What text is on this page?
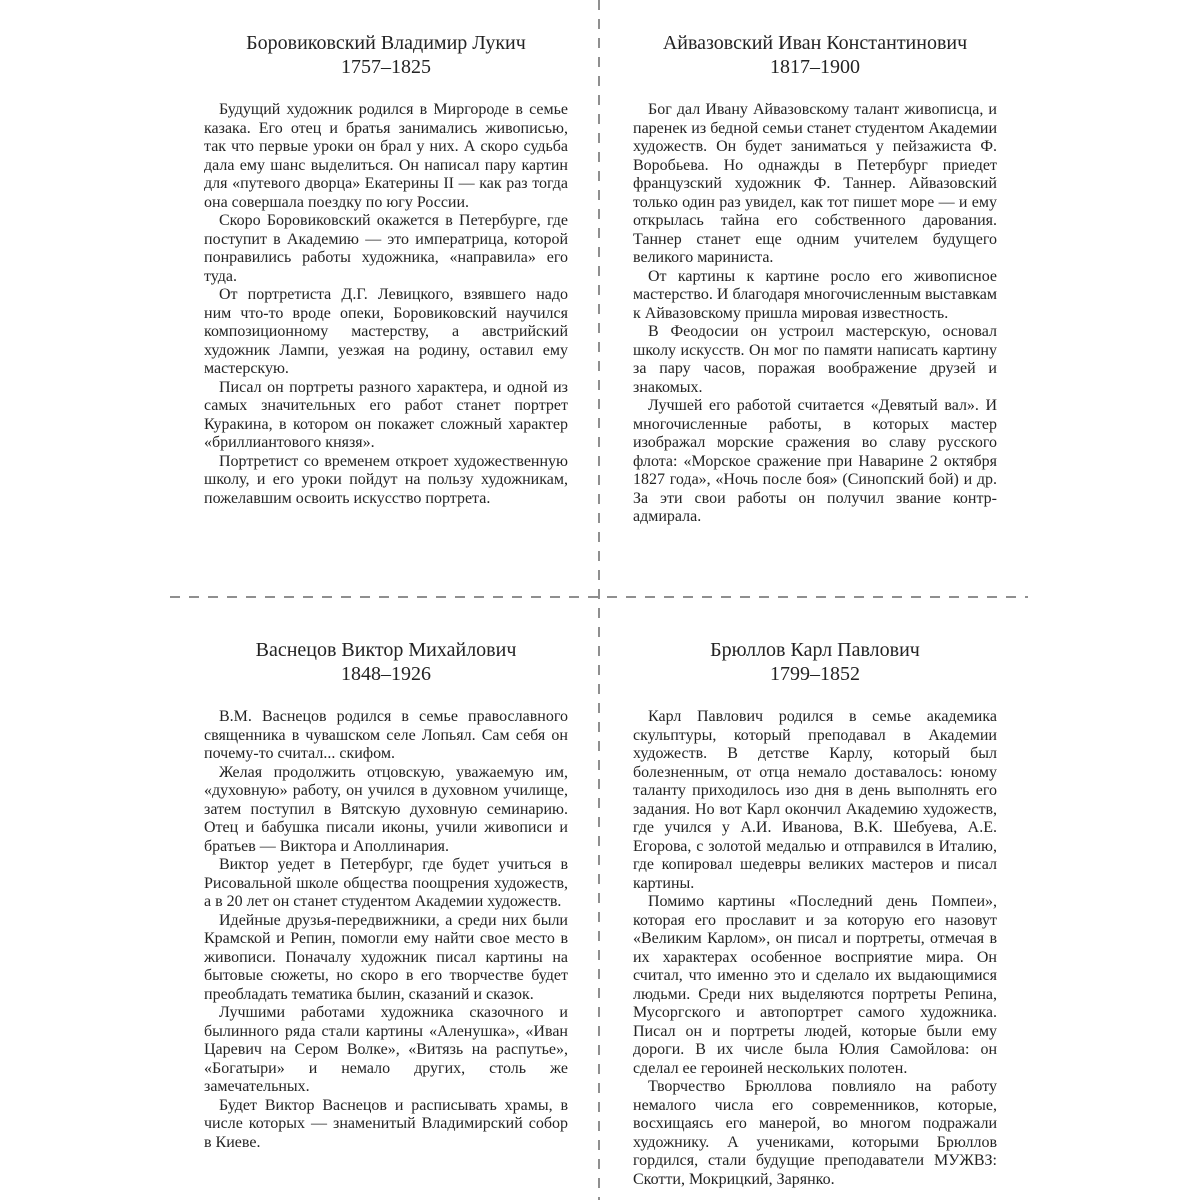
Боровиковский Владимир Лукич
1757–1825

Будущий художник родился в Миргороде в семье казака. Его отец и братья занимались живописью, так что первые уроки он брал у них. А скоро судьба дала ему шанс выделиться. Он написал пару картин для «путевого дворца» Екатерины II — как раз тогда она совершала поездку по югу России.

Скоро Боровиковский окажется в Петербурге, где поступит в Академию — это императрица, которой понравились работы художника, «направила» его туда.

От портретиста Д.Г. Левицкого, взявшего надо ним что-то вроде опеки, Боровиковский научился композиционному мастерству, а австрийский художник Лампи, уезжая на родину, оставил ему мастерскую.

Писал он портреты разного характера, и одной из самых значительных его работ станет портрет Куракина, в котором он покажет сложный характер «бриллиантового князя».

Портретист со временем откроет художественную школу, и его уроки пойдут на пользу художникам, пожелавшим освоить искусство портрета.

Айвазовский Иван Константинович
1817–1900

Бог дал Ивану Айвазовскому талант живописца, и паренек из бедной семьи станет студентом Академии художеств. Он будет заниматься у пейзажиста Ф. Воробьева. Но однажды в Петербург приедет французский художник Ф. Таннер. Айвазовский только один раз увидел, как тот пишет море — и ему открылась тайна его собственного дарования. Таннер станет еще одним учителем будущего великого мариниста.

От картины к картине росло его живописное мастерство. И благодаря многочисленным выставкам к Айвазовскому пришла мировая известность.

В Феодосии он устроил мастерскую, основал школу искусств. Он мог по памяти написать картину за пару часов, поражая воображение друзей и знакомых.

Лучшей его работой считается «Девятый вал». И многочисленные работы, в которых мастер изображал морские сражения во славу русского флота: «Морское сражение при Наварине 2 октября 1827 года», «Ночь после боя» (Синопский бой) и др. За эти свои работы он получил звание контр-адмирала.

Васнецов Виктор Михайлович
1848–1926

В.М. Васнецов родился в семье православного священника в чувашском селе Лопьял. Сам себя он почему-то считал... скифом.

Желая продолжить отцовскую, уважаемую им, «духовную» работу, он учился в духовном училище, затем поступил в Вятскую духовную семинарию. Отец и бабушка писали иконы, учили живописи и братьев — Виктора и Аполлинария.

Виктор уедет в Петербург, где будет учиться в Рисовальной школе общества поощрения художеств, а в 20 лет он станет студентом Академии художеств.

Идейные друзья-передвижники, а среди них были Крамской и Репин, помогли ему найти свое место в живописи. Поначалу художник писал картины на бытовые сюжеты, но скоро в его творчестве будет преобладать тематика былин, сказаний и сказок.

Лучшими работами художника сказочного и былинного ряда стали картины «Аленушка», «Иван Царевич на Сером Волке», «Витязь на распутье», «Богатыри» и немало других, столь же замечательных.

Будет Виктор Васнецов и расписывать храмы, в числе которых — знаменитый Владимирский собор в Киеве.

Брюллов Карл Павлович
1799–1852

Карл Павлович родился в семье академика скульптуры, который преподавал в Академии художеств. В детстве Карлу, который был болезненным, от отца немало доставалось: юному таланту приходилось изо дня в день выполнять его задания. Но вот Карл окончил Академию художеств, где учился у А.И. Иванова, В.К. Шебуева, А.Е. Егорова, с золотой медалью и отправился в Италию, где копировал шедевры великих мастеров и писал картины.

Помимо картины «Последний день Помпеи», которая его прославит и за которую его назовут «Великим Карлом», он писал и портреты, отмечая в их характерах особенное восприятие мира. Он считал, что именно это и сделало их выдающимися людьми. Среди них выделяются портреты Репина, Мусоргского и автопортрет самого художника. Писал он и портреты людей, которые были ему дороги. В их числе была Юлия Самойлова: он сделал ее героиней нескольких полотен.

Творчество Брюллова повлияло на работу немалого числа его современников, которые, восхищаясь его манерой, во многом подражали художнику. А учениками, которыми Брюллов гордился, стали будущие преподаватели МУЖВЗ: Скотти, Мокрицкий, Зарянко.
